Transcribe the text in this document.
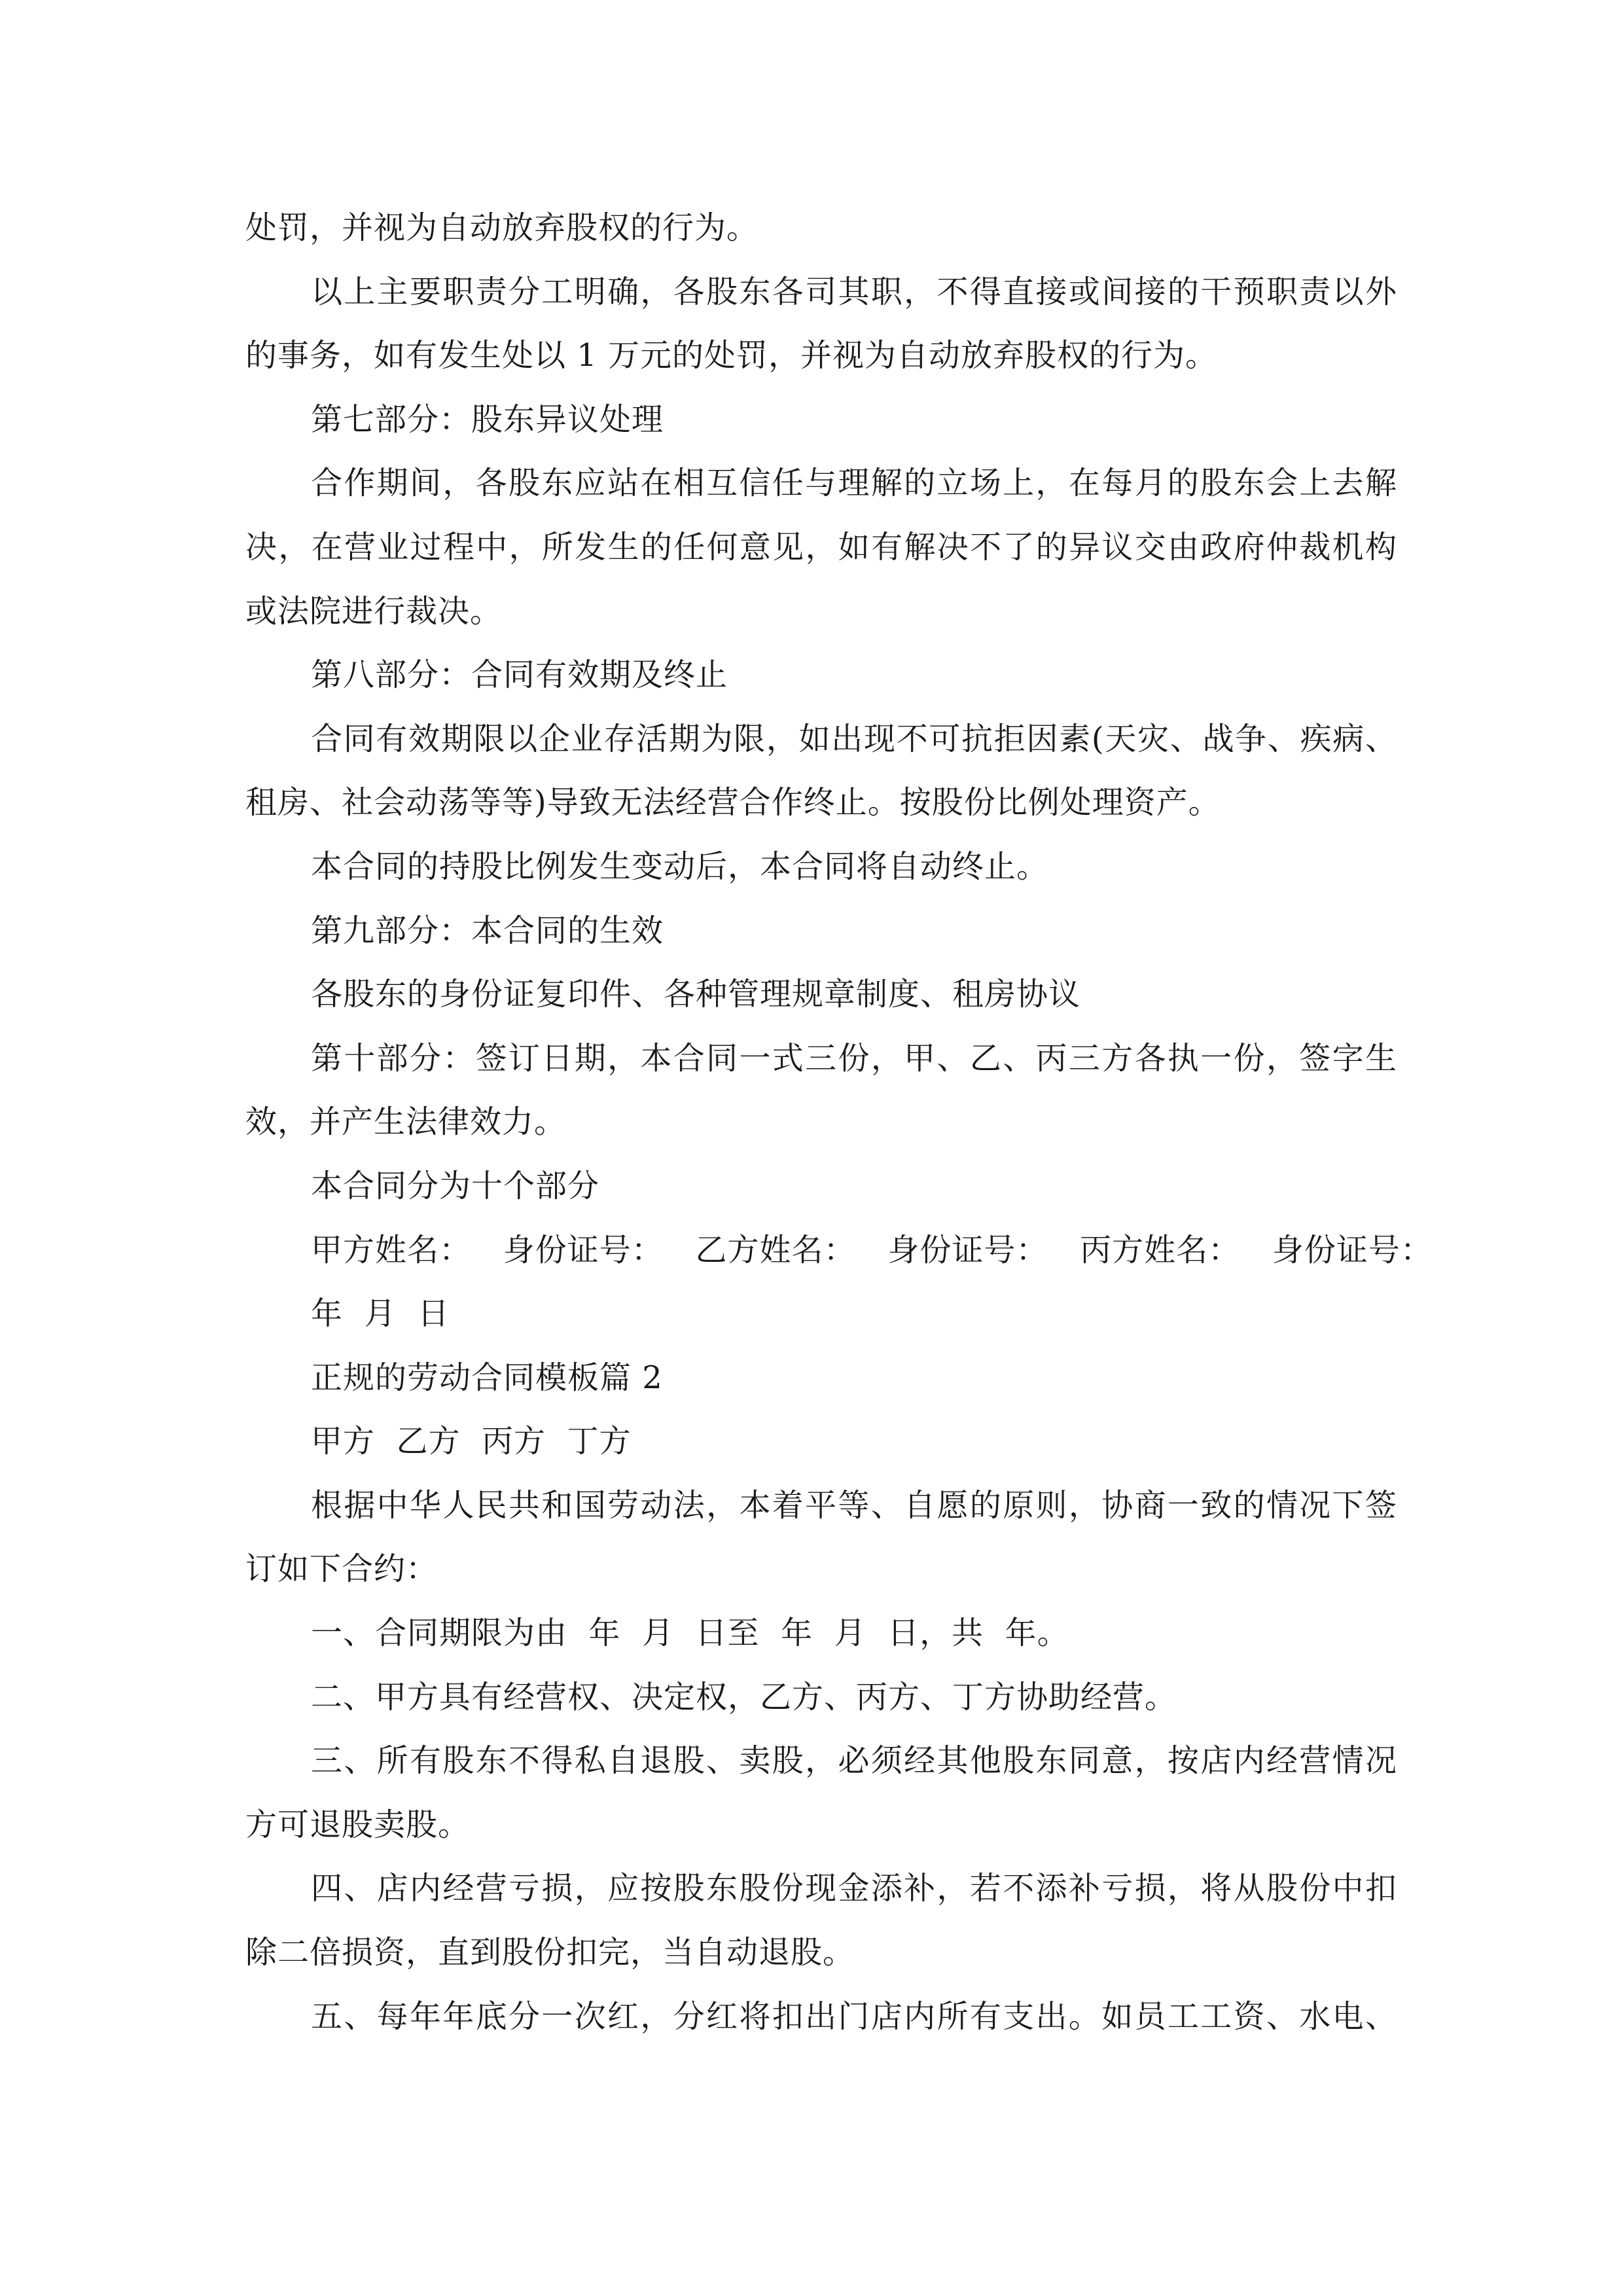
处罚，并视为自动放弃股权的行为。
以上主要职责分工明确，各股东各司其职，不得直接或间接的干预职责以外
的事务，如有发生处以 1 万元的处罚，并视为自动放弃股权的行为。
第七部分：股东异议处理
合作期间，各股东应站在相互信任与理解的立场上，在每月的股东会上去解
决，在营业过程中，所发生的任何意见，如有解决不了的异议交由政府仲裁机构
或法院进行裁决。
第八部分：合同有效期及终止
合同有效期限以企业存活期为限，如出现不可抗拒因素(天灾、战争、疾病、
租房、社会动荡等等)导致无法经营合作终止。按股份比例处理资产。
本合同的持股比例发生变动后，本合同将自动终止。
第九部分：本合同的生效
各股东的身份证复印件、各种管理规章制度、租房协议
第十部分：签订日期，本合同一式三份，甲、乙、丙三方各执一份，签字生
效，并产生法律效力。
本合同分为十个部分
甲方姓名：   身份证号：   乙方姓名：   身份证号：   丙方姓名：   身份证号：
年  月  日
正规的劳动合同模板篇 2
甲方  乙方  丙方  丁方
根据中华人民共和国劳动法，本着平等、自愿的原则，协商一致的情况下签
订如下合约：
一、合同期限为由  年  月  日至  年  月  日，共  年。
二、甲方具有经营权、决定权，乙方、丙方、丁方协助经营。
三、所有股东不得私自退股、卖股，必须经其他股东同意，按店内经营情况
方可退股卖股。
四、店内经营亏损，应按股东股份现金添补，若不添补亏损，将从股份中扣
除二倍损资，直到股份扣完，当自动退股。
五、每年年底分一次红，分红将扣出门店内所有支出。如员工工资、水电、
